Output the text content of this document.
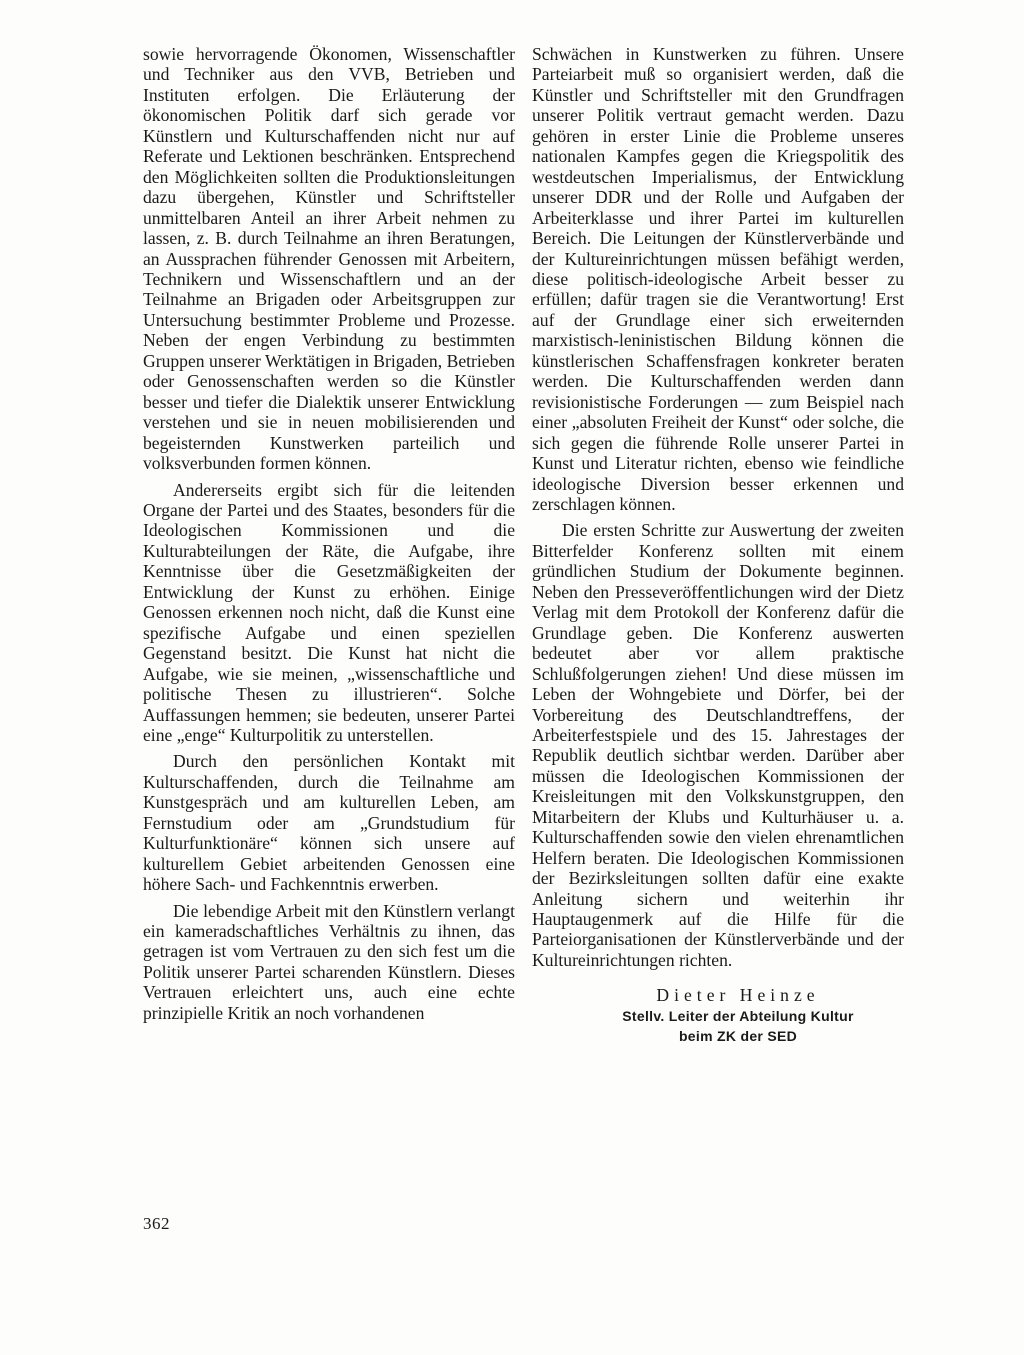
sowie hervorragende Ökonomen, Wissenschaftler und Techniker aus den VVB, Betrieben und Instituten erfolgen. Die Erläuterung der ökonomischen Politik darf sich gerade vor Künstlern und Kulturschaffenden nicht nur auf Referate und Lektionen beschränken. Entsprechend den Möglichkeiten sollten die Produktionsleitungen dazu übergehen, Künstler und Schriftsteller unmittelbaren Anteil an ihrer Arbeit nehmen zu lassen, z. B. durch Teilnahme an ihren Beratungen, an Aussprachen führender Genossen mit Arbeitern, Technikern und Wissenschaftlern und an der Teilnahme an Brigaden oder Arbeitsgruppen zur Untersuchung bestimmter Probleme und Prozesse. Neben der engen Verbindung zu bestimmten Gruppen unserer Werktätigen in Brigaden, Betrieben oder Genossenschaften werden so die Künstler besser und tiefer die Dialektik unserer Entwicklung verstehen und sie in neuen mobilisierenden und begeisternden Kunstwerken parteilich und volksverbunden formen können.

Andererseits ergibt sich für die leitenden Organe der Partei und des Staates, besonders für die Ideologischen Kommissionen und die Kulturabteilungen der Räte, die Aufgabe, ihre Kenntnisse über die Gesetzmäßigkeiten der Entwicklung der Kunst zu erhöhen. Einige Genossen erkennen noch nicht, daß die Kunst eine spezifische Aufgabe und einen speziellen Gegenstand besitzt. Die Kunst hat nicht die Aufgabe, wie sie meinen, „wissenschaftliche und politische Thesen zu illustrieren“. Solche Auffassungen hemmen; sie bedeuten, unserer Partei eine „enge“ Kulturpolitik zu unterstellen.

Durch den persönlichen Kontakt mit Kulturschaffenden, durch die Teilnahme am Kunstgespräch und am kulturellen Leben, am Fernstudium oder am „Grundstudium für Kulturfunktionäre“ können sich unsere auf kulturellem Gebiet arbeitenden Genossen eine höhere Sach- und Fachkenntnis erwerben.

Die lebendige Arbeit mit den Künstlern verlangt ein kameradschaftliches Verhältnis zu ihnen, das getragen ist vom Vertrauen zu den sich fest um die Politik unserer Partei scharenden Künstlern. Dieses Vertrauen erleichtert uns, auch eine echte prinzipielle Kritik an noch vorhandenen

Schwächen in Kunstwerken zu führen. Unsere Parteiarbeit muß so organisiert werden, daß die Künstler und Schriftsteller mit den Grundfragen unserer Politik vertraut gemacht werden. Dazu gehören in erster Linie die Probleme unseres nationalen Kampfes gegen die Kriegspolitik des westdeutschen Imperialismus, der Entwicklung unserer DDR und der Rolle und Aufgaben der Arbeiterklasse und ihrer Partei im kulturellen Bereich. Die Leitungen der Künstlerverbände und der Kultureinrichtungen müssen befähigt werden, diese politisch-ideologische Arbeit besser zu erfüllen; dafür tragen sie die Verantwortung! Erst auf der Grundlage einer sich erweiternden marxistisch-leninistischen Bildung können die künstlerischen Schaffensfragen konkreter beraten werden. Die Kulturschaffenden werden dann revisionistische Forderungen — zum Beispiel nach einer „absoluten Freiheit der Kunst“ oder solche, die sich gegen die führende Rolle unserer Partei in Kunst und Literatur richten, ebenso wie feindliche ideologische Diversion besser erkennen und zerschlagen können.

Die ersten Schritte zur Auswertung der zweiten Bitterfelder Konferenz sollten mit einem gründlichen Studium der Dokumente beginnen. Neben den Presseveröffentlichungen wird der Dietz Verlag mit dem Protokoll der Konferenz dafür die Grundlage geben. Die Konferenz auswerten bedeutet aber vor allem praktische Schlußfolgerungen ziehen! Und diese müssen im Leben der Wohngebiete und Dörfer, bei der Vorbereitung des Deutschlandtreffens, der Arbeiterfestspiele und des 15. Jahrestages der Republik deutlich sichtbar werden. Darüber aber müssen die Ideologischen Kommissionen der Kreisleitungen mit den Volkskunstgruppen, den Mitarbeitern der Klubs und Kulturhäuser u. a. Kulturschaffenden sowie den vielen ehrenamtlichen Helfern beraten. Die Ideologischen Kommissionen der Bezirksleitungen sollten dafür eine exakte Anleitung sichern und weiterhin ihr Hauptaugenmerk auf die Hilfe für die Parteiorganisationen der Künstlerverbände und der Kultureinrichtungen richten.

Dieter Heinze
Stellv. Leiter der Abteilung Kultur
beim ZK der SED
362
